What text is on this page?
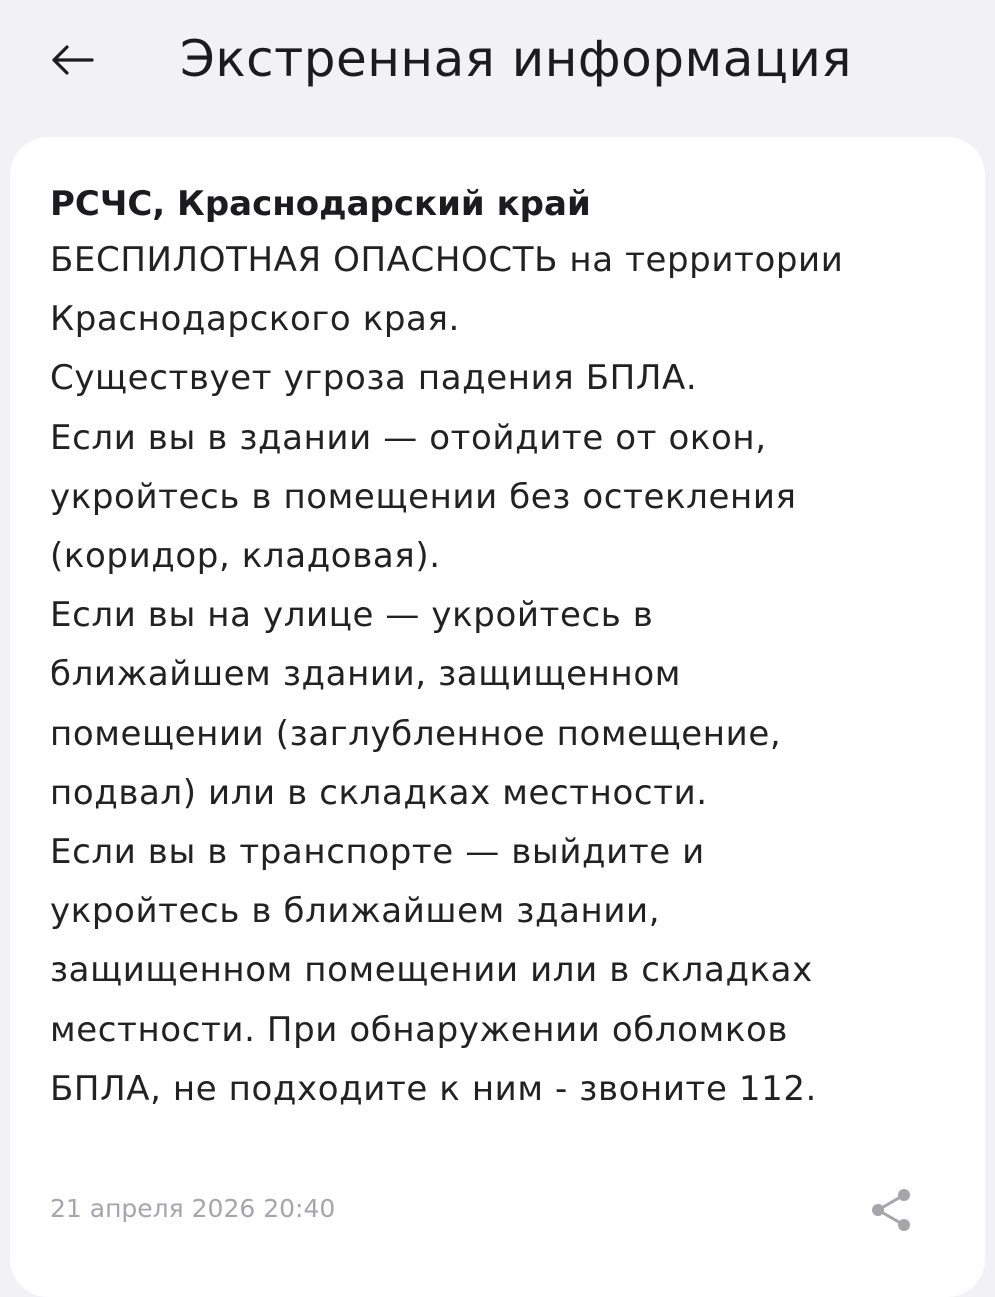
Экстренная информация
РСЧС, Краснодарский край
БЕСПИЛОТНАЯ ОПАСНОСТЬ на территории
Краснодарского края.
Существует угроза падения БПЛА.
Если вы в здании — отойдите от окон,
укройтесь в помещении без остекления
(коридор, кладовая).
Если вы на улице — укройтесь в
ближайшем здании, защищенном
помещении (заглубленное помещение,
подвал) или в складках местности.
Если вы в транспорте — выйдите и
укройтесь в ближайшем здании,
защищенном помещении или в складках
местности. При обнаружении обломков
БПЛА, не подходите к ним - звоните 112.
21 апреля 2026 20:40
